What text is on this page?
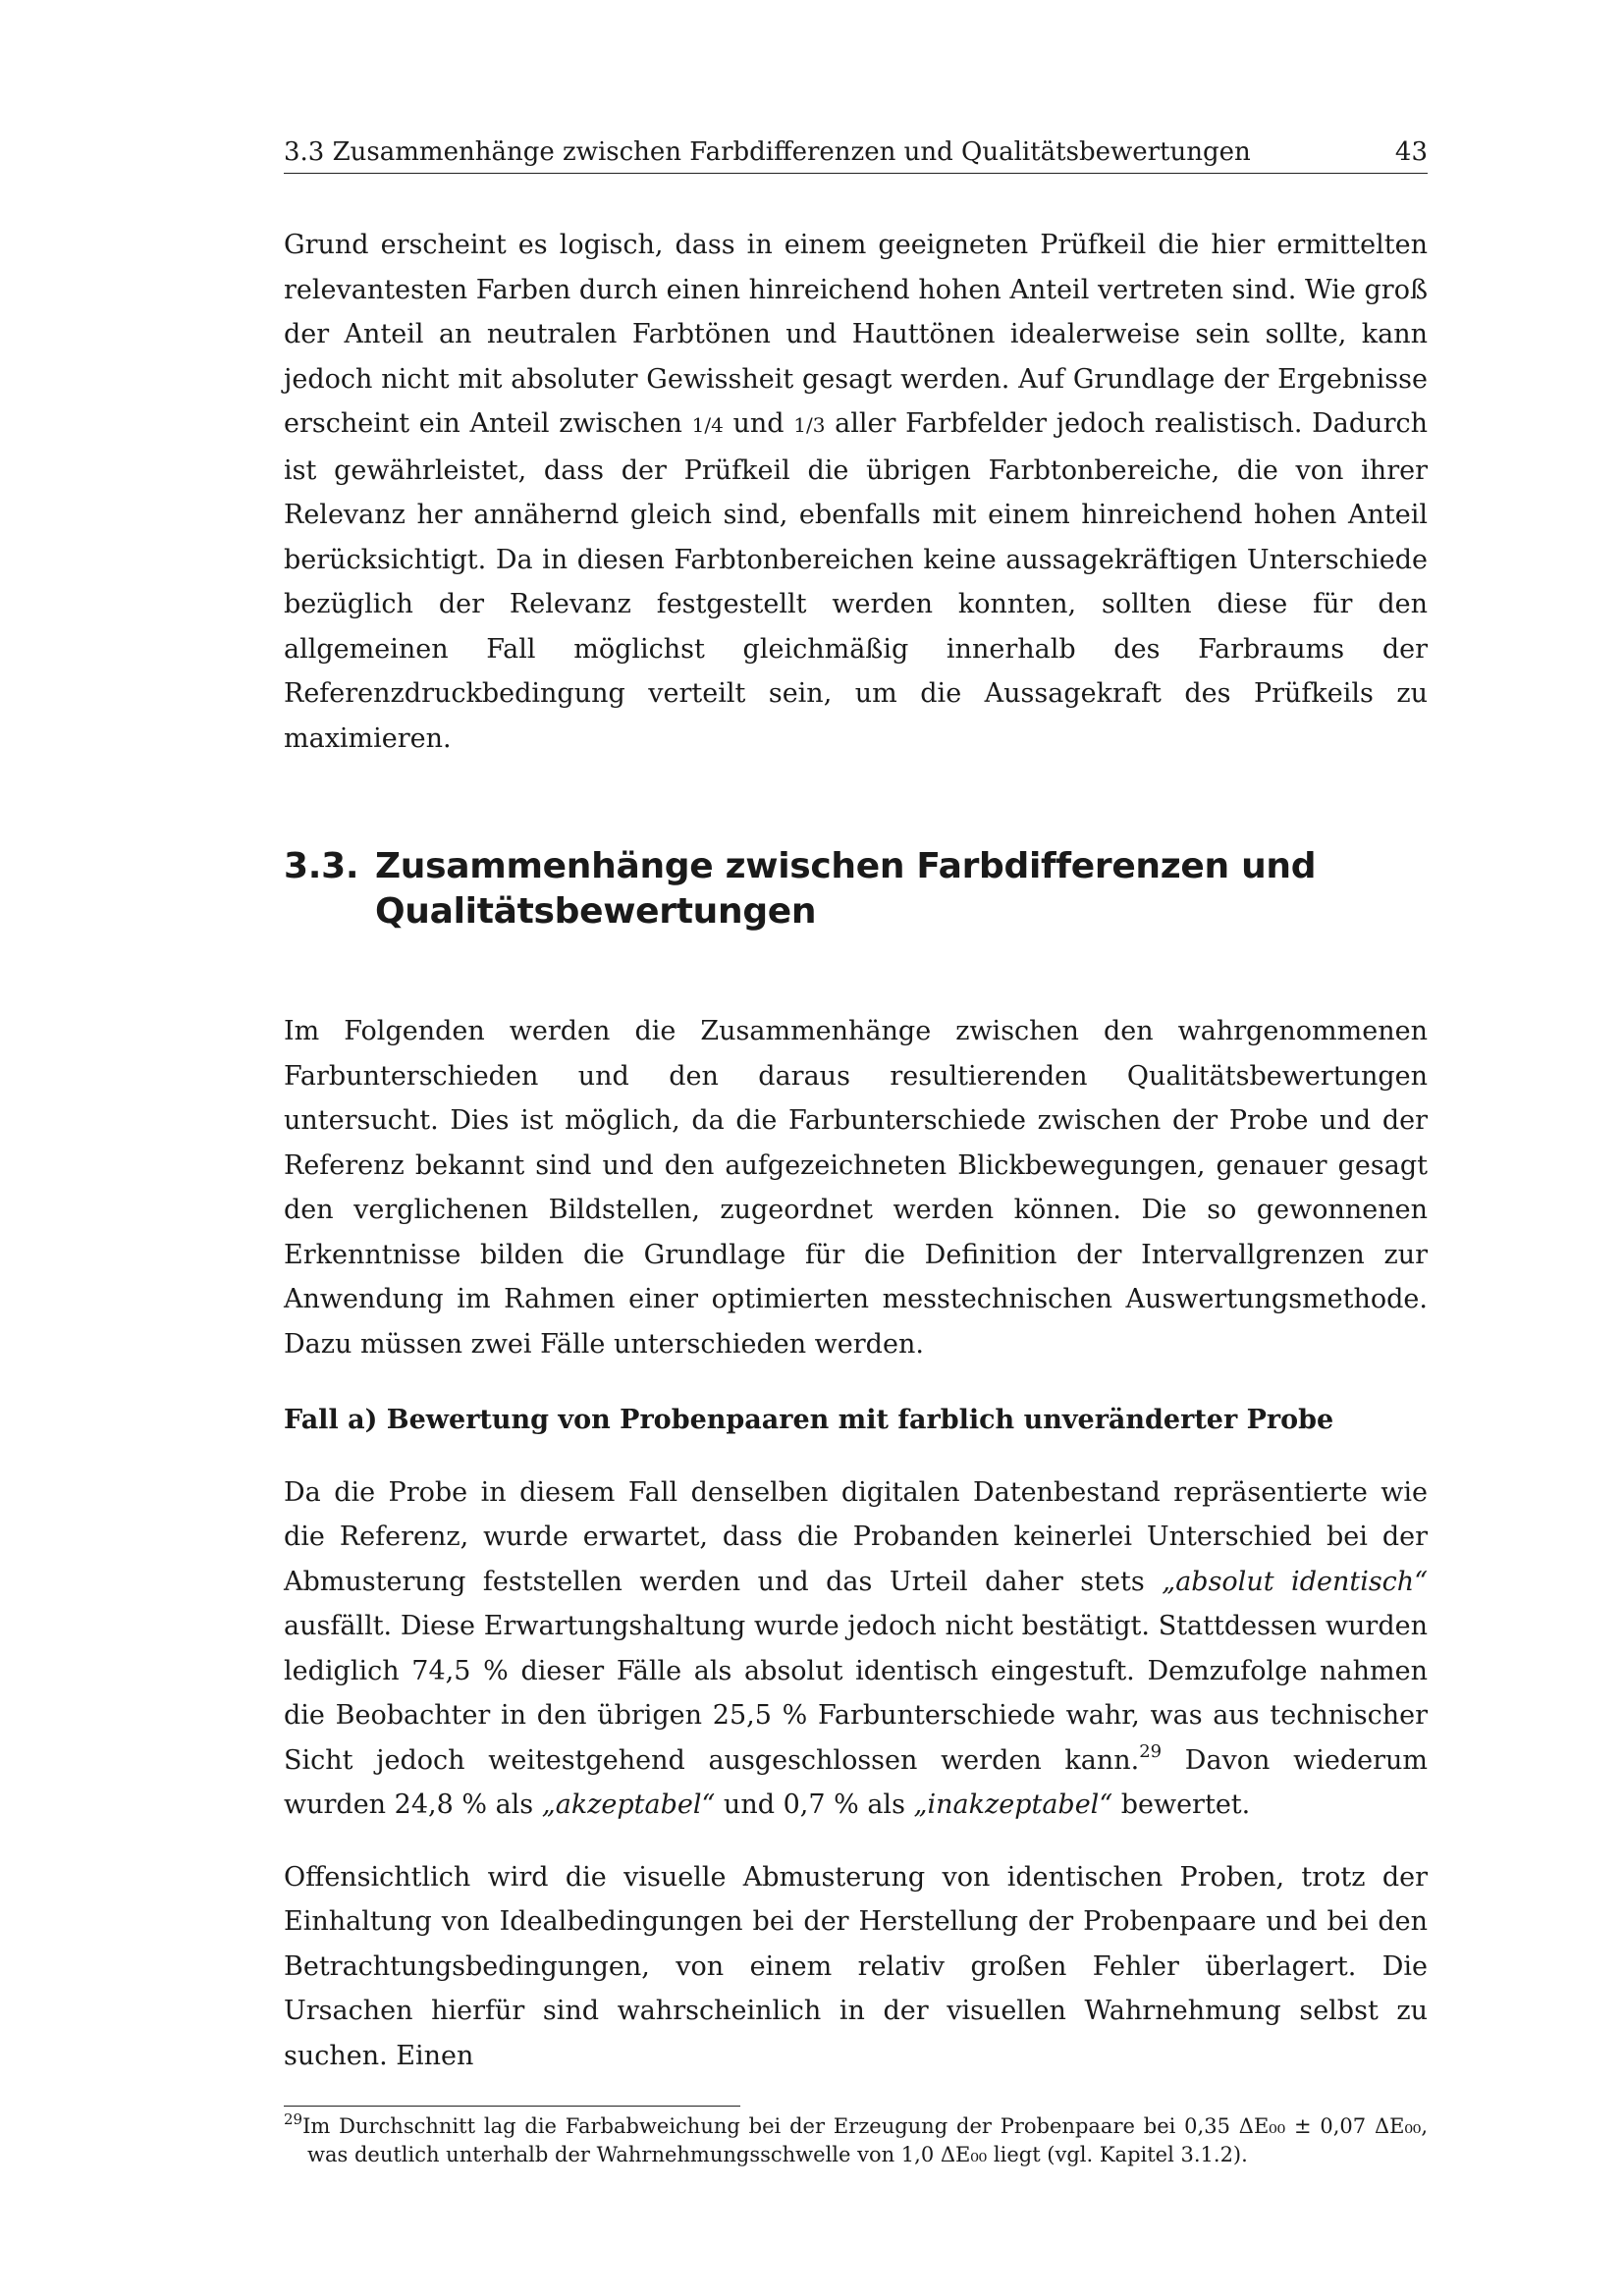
3.3 Zusammenhänge zwischen Farbdifferenzen und Qualitätsbewertungen	43

Grund erscheint es logisch, dass in einem geeigneten Prüfkeil die hier ermittelten relevantesten Farben durch einen hinreichend hohen Anteil vertreten sind. Wie groß der Anteil an neutralen Farbtönen und Hauttönen idealerweise sein sollte, kann jedoch nicht mit absoluter Gewissheit gesagt werden. Auf Grundlage der Ergebnisse erscheint ein Anteil zwischen 1/4 und 1/3 aller Farbfelder jedoch realistisch. Dadurch ist gewährleistet, dass der Prüfkeil die übrigen Farbtonbereiche, die von ihrer Relevanz her annähernd gleich sind, ebenfalls mit einem hinreichend hohen Anteil berücksichtigt. Da in diesen Farbtonbereichen keine aussagekräftigen Unterschiede bezüglich der Relevanz festgestellt werden konnten, sollten diese für den allgemeinen Fall möglichst gleichmäßig innerhalb des Farbraums der Referenzdruckbedingung verteilt sein, um die Aussagekraft des Prüfkeils zu maximieren.

3.3. Zusammenhänge zwischen Farbdifferenzen und
Qualitätsbewertungen

Im Folgenden werden die Zusammenhänge zwischen den wahrgenommenen Farbunterschieden und den daraus resultierenden Qualitätsbewertungen untersucht. Dies ist möglich, da die Farbunterschiede zwischen der Probe und der Referenz bekannt sind und den aufgezeichneten Blickbewegungen, genauer gesagt den verglichenen Bildstellen, zugeordnet werden können. Die so gewonnenen Erkenntnisse bilden die Grundlage für die Definition der Intervallgrenzen zur Anwendung im Rahmen einer optimierten messtechnischen Auswertungsmethode. Dazu müssen zwei Fälle unterschieden werden.

Fall a) Bewertung von Probenpaaren mit farblich unveränderter Probe

Da die Probe in diesem Fall denselben digitalen Datenbestand repräsentierte wie die Referenz, wurde erwartet, dass die Probanden keinerlei Unterschied bei der Abmusterung feststellen werden und das Urteil daher stets „absolut identisch“ ausfällt. Diese Erwartungshaltung wurde jedoch nicht bestätigt. Stattdessen wurden lediglich 74,5 % dieser Fälle als absolut identisch eingestuft. Demzufolge nahmen die Beobachter in den übrigen 25,5 % Farbunterschiede wahr, was aus technischer Sicht jedoch weitestgehend ausgeschlossen werden kann.$^{29}$ Davon wiederum wurden 24,8 % als „akzeptabel“ und 0,7 % als „inakzeptabel“ bewertet.

Offensichtlich wird die visuelle Abmusterung von identischen Proben, trotz der Einhaltung von Idealbedingungen bei der Herstellung der Probenpaare und bei den Betrachtungsbedingungen, von einem relativ großen Fehler überlagert. Die Ursachen hierfür sind wahrscheinlich in der visuellen Wahrnehmung selbst zu suchen. Einen

$^{29}$Im Durchschnitt lag die Farbabweichung bei der Erzeugung der Probenpaare bei 0,35 ΔE₀₀ ± 0,07 ΔE₀₀, was deutlich unterhalb der Wahrnehmungsschwelle von 1,0 ΔE₀₀ liegt (vgl. Kapitel 3.1.2).
